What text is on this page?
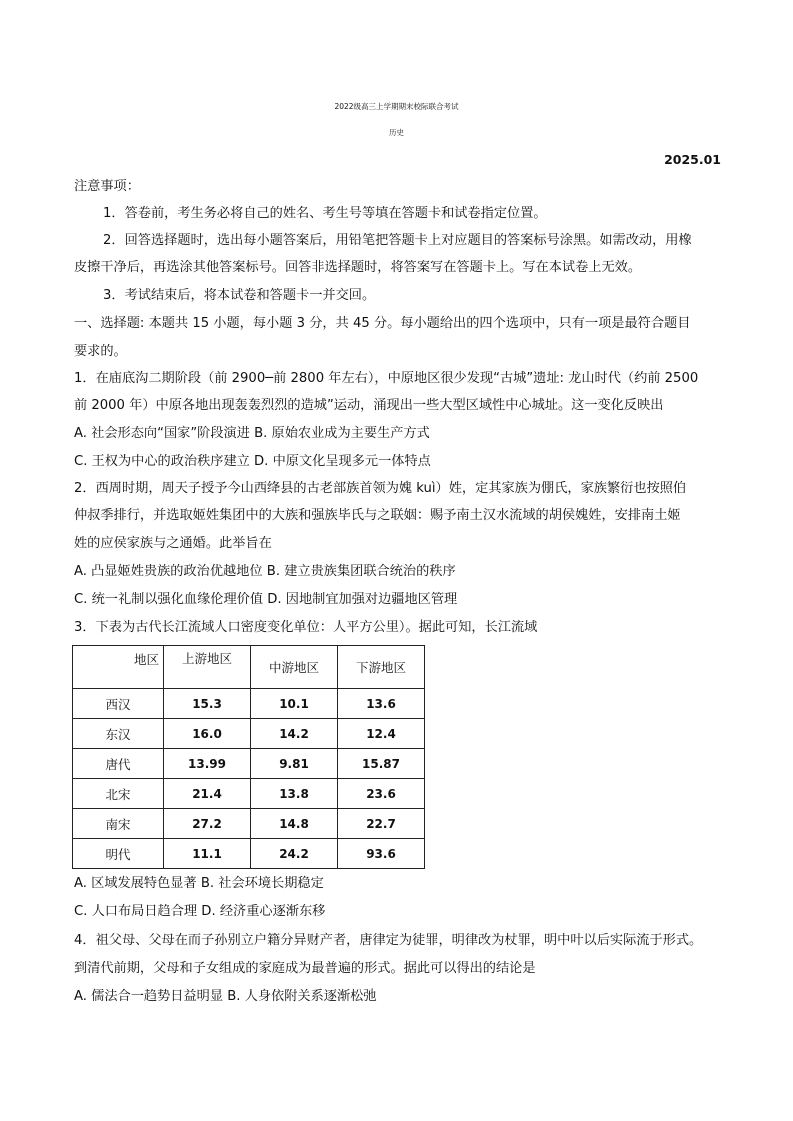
2022级高三上学期期末校际联合考试
历史
2025.01
注意事项：
1．答卷前，考生务必将自己的姓名、考生号等填在答题卡和试卷指定位置。
2．回答选择题时，选出每小题答案后，用铅笔把答题卡上对应题目的答案标号涂黑。如需改动，用橡
皮擦干净后，再选涂其他答案标号。回答非选择题时，将答案写在答题卡上。写在本试卷上无效。
3．考试结束后，将本试卷和答题卡一并交回。
一、选择题: 本题共 15 小题，每小题 3 分，共 45 分。每小题给出的四个选项中，只有一项是最符合题目
要求的。
1．在庙底沟二期阶段（前 2900─前 2800 年左右），中原地区很少发现“古城”遗址: 龙山时代（约前 2500
前 2000 年）中原各地出现轰轰烈烈的造城”运动，涌现出一些大型区域性中心城址。这一变化反映出
A. 社会形态向“国家”阶段演进 B. 原始农业成为主要生产方式
C. 王权为中心的政治秩序建立 D. 中原文化呈现多元一体特点
2．西周时期，周天子授予今山西绛县的古老部族首领为媿 kuì）姓，定其家族为倗氏，家族繁衍也按照伯
仲叔季排行，并选取姬姓集团中的大族和强族毕氏与之联姻：赐予南土汉水流域的胡侯媿姓，安排南土姬
姓的应侯家族与之通婚。此举旨在
A. 凸显姬姓贵族的政治优越地位 B. 建立贵族集团联合统治的秩序
C. 统一礼制以强化血缘伦理价值 D. 因地制宜加强对边疆地区管理
3．下表为古代长江流域人口密度变化单位：人平方公里）。据此可知，长江流域
地区	上游地区	中游地区	下游地区
西汉	15.3	10.1	13.6
东汉	16.0	14.2	12.4
唐代	13.99	9.81	15.87
北宋	21.4	13.8	23.6
南宋	27.2	14.8	22.7
明代	11.1	24.2	93.6
A. 区域发展特色显著 B. 社会环境长期稳定
C. 人口布局日趋合理 D. 经济重心逐渐东移
4．祖父母、父母在而子孙别立户籍分异财产者，唐律定为徒罪，明律改为杖罪，明中叶以后实际流于形式。
到清代前期，父母和子女组成的家庭成为最普遍的形式。据此可以得出的结论是
A. 儒法合一趋势日益明显 B. 人身依附关系逐渐松弛
